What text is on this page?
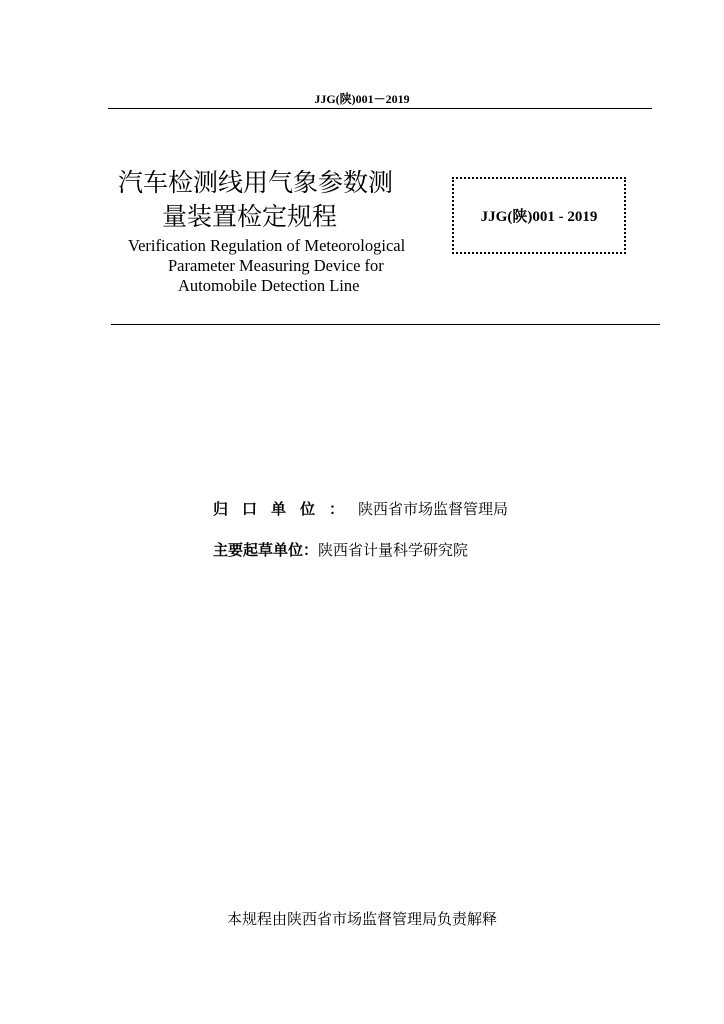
JJG(陕)001－2019
汽车检测线用气象参数测
量装置检定规程
Verification Regulation of Meteorological
Parameter Measuring Device for
Automobile Detection Line
JJG(陕)001 - 2019
归口单位：陕西省市场监督管理局
主要起草单位：陕西省计量科学研究院
本规程由陕西省市场监督管理局负责解释
